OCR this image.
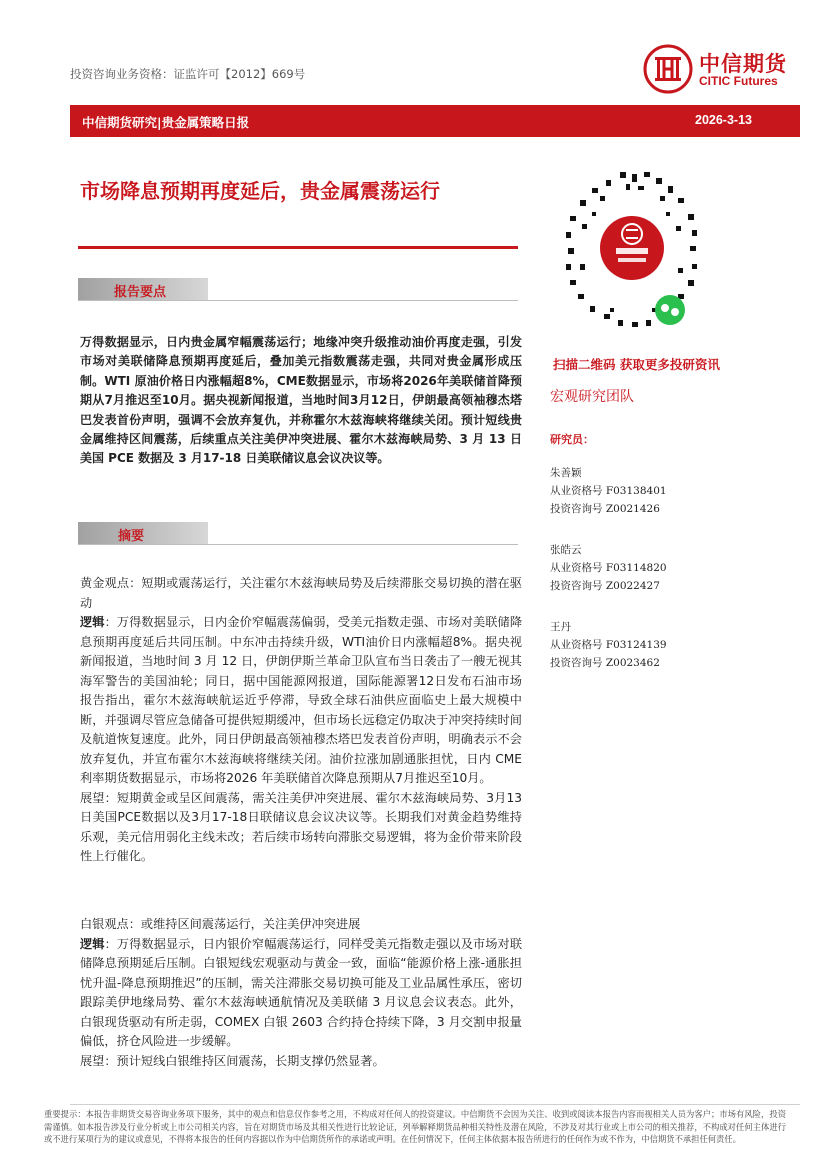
投资咨询业务资格：证监许可【2012】669号	中信期货
CITIC Futures
中信期货研究|贵金属策略日报	2026-3-13
市场降息预期再度延后，贵金属震荡运行
报告要点
万得数据显示，日内贵金属窄幅震荡运行；地缘冲突升级推动油价再度走强，引发市场对美联储降息预期再度延后，叠加美元指数震荡走强，共同对贵金属形成压制。WTI 原油价格日内涨幅超8%，CME数据显示，市场将2026年美联储首降预期从7月推迟至10月。据央视新闻报道，当地时间3月12日，伊朗最高领袖穆杰塔巴发表首份声明，强调不会放弃复仇，并称霍尔木兹海峡将继续关闭。预计短线贵金属维持区间震荡，后续重点关注美伊冲突进展、霍尔木兹海峡局势、3 月 13 日美国 PCE 数据及 3 月17-18 日美联储议息会议决议等。
摘要
黄金观点：短期或震荡运行，关注霍尔木兹海峡局势及后续滞胀交易切换的潜在驱动
逻辑：万得数据显示，日内金价窄幅震荡偏弱，受美元指数走强、市场对美联储降息预期再度延后共同压制。中东冲击持续升级，WTI油价日内涨幅超8%。据央视新闻报道，当地时间 3 月 12 日，伊朗伊斯兰革命卫队宣布当日袭击了一艘无视其海军警告的美国油轮；同日，据中国能源网报道，国际能源署12日发布石油市场报告指出，霍尔木兹海峡航运近乎停滞，导致全球石油供应面临史上最大规模中断，并强调尽管应急储备可提供短期缓冲，但市场长远稳定仍取决于冲突持续时间及航道恢复速度。此外，同日伊朗最高领袖穆杰塔巴发表首份声明，明确表示不会放弃复仇，并宣布霍尔木兹海峡将继续关闭。油价拉涨加剧通胀担忧，日内 CME 利率期货数据显示，市场将2026 年美联储首次降息预期从7月推迟至10月。
展望：短期黄金或呈区间震荡，需关注美伊冲突进展、霍尔木兹海峡局势、3月13日美国PCE数据以及3月17-18日联储议息会议决议等。长期我们对黄金趋势维持乐观，美元信用弱化主线未改；若后续市场转向滞胀交易逻辑，将为金价带来阶段性上行催化。
白银观点：或维持区间震荡运行，关注美伊冲突进展
逻辑：万得数据显示，日内银价窄幅震荡运行，同样受美元指数走强以及市场对联储降息预期延后压制。白银短线宏观驱动与黄金一致，面临“能源价格上涨-通胀担忧升温-降息预期推迟”的压制，需关注滞胀交易切换可能及工业品属性承压，密切跟踪美伊地缘局势、霍尔木兹海峡通航情况及美联储 3 月议息会议表态。此外，白银现货驱动有所走弱，COMEX 白银 2603 合约持仓持续下降，3 月交割申报量偏低，挤仓风险进一步缓解。
展望：预计短线白银维持区间震荡，长期支撑仍然显著。
扫描二维码 获取更多投研资讯
宏观研究团队
研究员：
朱善颖
从业资格号 F03138401
投资咨询号 Z0021426
张皓云
从业资格号 F03114820
投资咨询号 Z0022427
王丹
从业资格号 F03124139
投资咨询号 Z0023462
重要提示：本报告非期货交易咨询业务项下服务，其中的观点和信息仅作参考之用，不构成对任何人的投资建议。中信期货不会因为关注、收到或阅读本报告内容而视相关人员为客户；市场有风险，投资需谨慎。如本报告涉及行业分析或上市公司相关内容，旨在对期货市场及其相关性进行比较论证，列举解释期货品种相关特性及潜在风险，不涉及对其行业或上市公司的相关推荐，不构成对任何主体进行或不进行某项行为的建议或意见，不得将本报告的任何内容据以作为中信期货所作的承诺或声明。在任何情况下，任何主体依据本报告所进行的任何作为或不作为，中信期货不承担任何责任。
